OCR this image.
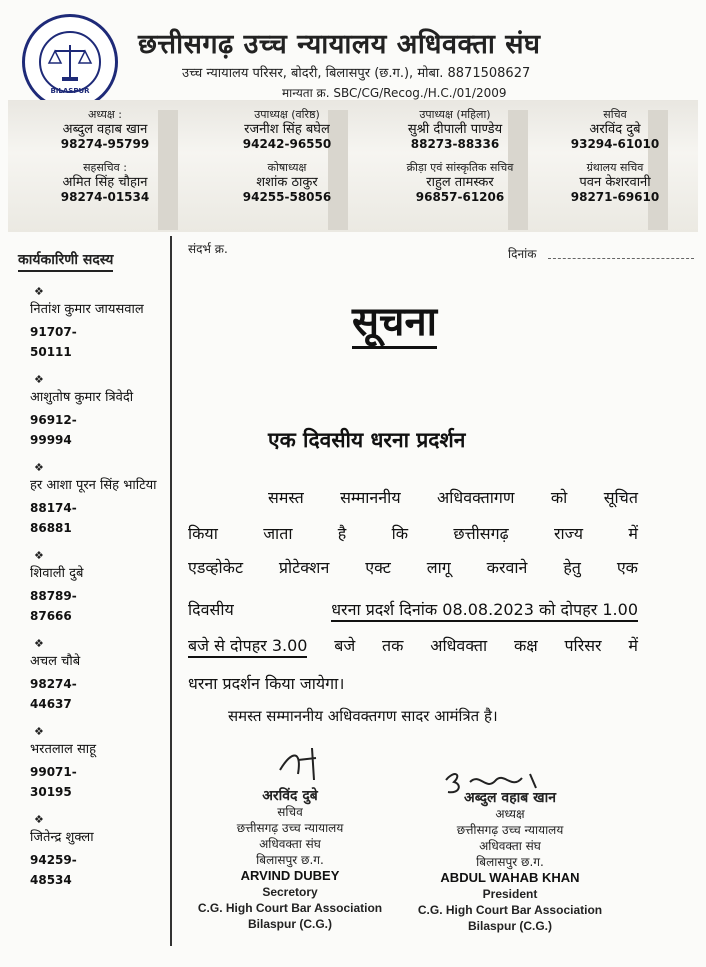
BILASPUR
छत्तीसगढ़ उच्च न्यायालय अधिवक्ता संघ
उच्च न्यायालय परिसर, बोदरी, बिलासपुर (छ.ग.), मोबा. 8871508627
मान्यता क्र. SBC/CG/Recog./H.C./01/2009
अध्यक्ष :
अब्दुल वहाब खान
98274-95799
उपाध्यक्ष (वरिष्ठ)
रजनीश सिंह बघेल
94242-96550
उपाध्यक्ष (महिला)
सुश्री दीपाली पाण्डेय
88273-88336
सचिव
अरविंद दुबे
93294-61010
सहसचिव :
अमित सिंह चौहान
98274-01534
कोषाध्यक्ष
शशांक ठाकुर
94255-58056
क्रीड़ा एवं सांस्कृतिक सचिव
राहुल तामस्कर
96857-61206
ग्रंथालय सचिव
पवन केशरवानी
98271-69610
कार्यकारिणी सदस्य
❖
नितांश कुमार जायसवाल
91707-50111
❖
आशुतोष कुमार त्रिवेदी
96912-99994
❖
हर आशा पूरन सिंह भाटिया
88174-86881
❖
शिवाली दुबे
88789-87666
❖
अचल चौबे
98274-44637
❖
भरतलाल साहू
99071-30195
❖
जितेन्द्र शुक्ला
94259-48534
संदर्भ क्र.	दिनांक
सूचना
एक दिवसीय धरना प्रदर्शन
समस्त सम्माननीय अधिवक्तागण को सूचित
किया	जाता	है	कि	छत्तीसगढ़	राज्य	में
एडव्होकेट प्रोटेक्शन एक्ट लागू करवाने हेतु एक
दिवसीय	धरना प्रदर्श दिनांक 08.08.2023 को दोपहर 1.00
बजे से दोपहर 3.00 बजे तक अधिवक्ता कक्ष परिसर में
धरना प्रदर्शन किया जायेगा।
समस्त सम्माननीय अधिवक्तगण सादर आमंत्रित है।
अरविंद दुबे
सचिव
छत्तीसगढ़ उच्च न्यायालय
अधिवक्ता संघ
बिलासपुर छ.ग.
ARVIND DUBEY
Secretory
C.G. High Court Bar Association
Bilaspur (C.G.)
अब्दुल वहाब खान
अध्यक्ष
छत्तीसगढ़ उच्च न्यायालय
अधिवक्ता संघ
बिलासपुर छ.ग.
ABDUL WAHAB KHAN
President
C.G. High Court Bar Association
Bilaspur (C.G.)
